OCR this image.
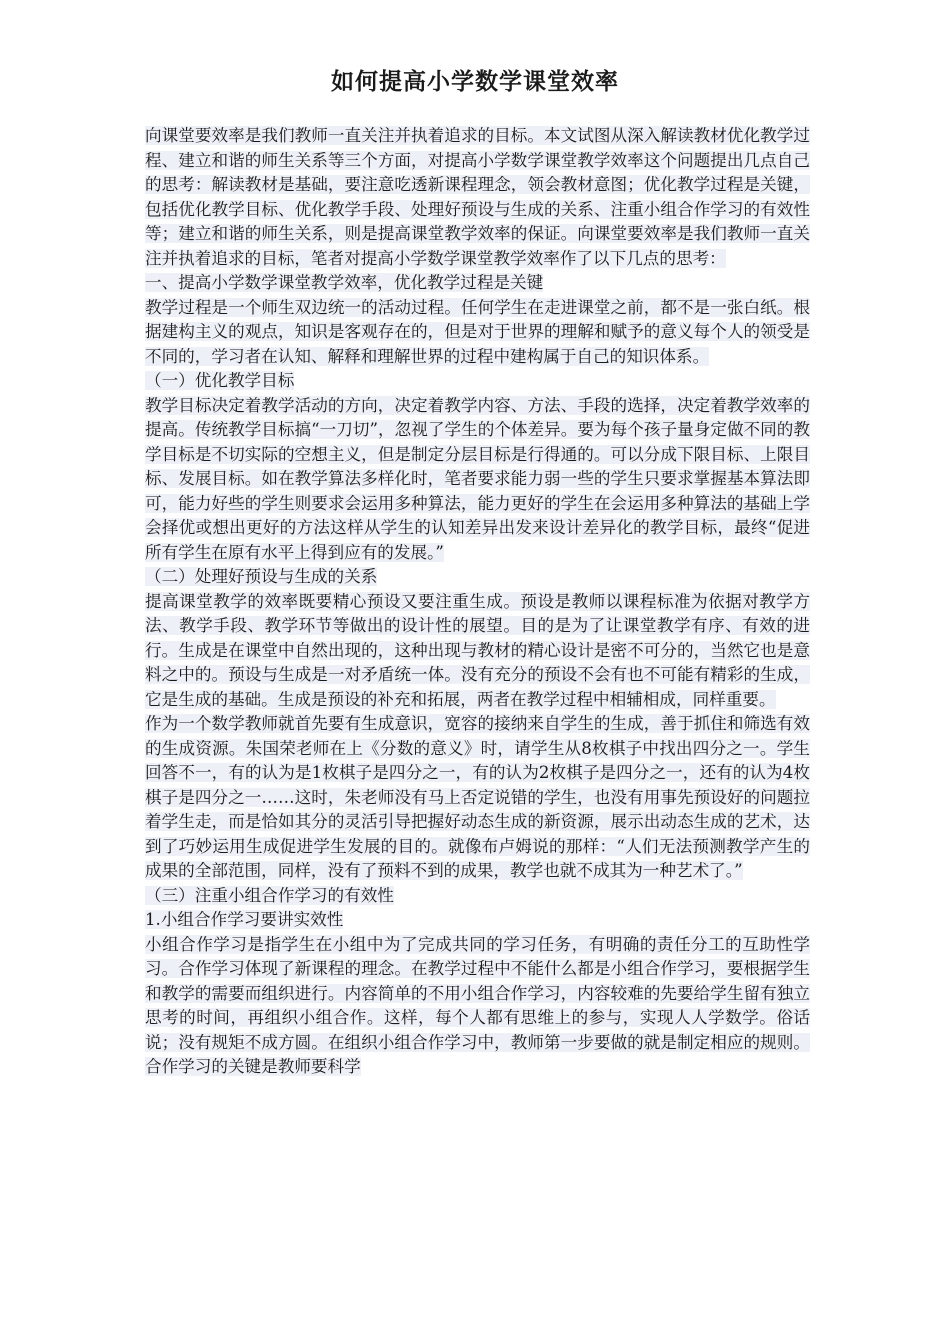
如何提高小学数学课堂效率

向课堂要效率是我们教师一直关注并执着追求的目标。本文试图从深入解读教材优化教学过程、建立和谐的师生关系等三个方面，对提高小学数学课堂教学效率这个问题提出几点自己的思考：解读教材是基础，要注意吃透新课程理念，领会教材意图；优化教学过程是关键，包括优化教学目标、优化教学手段、处理好预设与生成的关系、注重小组合作学习的有效性等；建立和谐的师生关系，则是提高课堂教学效率的保证。向课堂要效率是我们教师一直关注并执着追求的目标，笔者对提高小学数学课堂教学效率作了以下几点的思考：

一、提高小学数学课堂教学效率，优化教学过程是关键

教学过程是一个师生双边统一的活动过程。任何学生在走进课堂之前，都不是一张白纸。根据建构主义的观点，知识是客观存在的，但是对于世界的理解和赋予的意义每个人的领受是不同的，学习者在认知、解释和理解世界的过程中建构属于自己的知识体系。

（一）优化教学目标

教学目标决定着教学活动的方向，决定着教学内容、方法、手段的选择，决定着教学效率的提高。传统教学目标搞“一刀切”，忽视了学生的个体差异。要为每个孩子量身定做不同的教学目标是不切实际的空想主义，但是制定分层目标是行得通的。可以分成下限目标、上限目标、发展目标。如在教学算法多样化时，笔者要求能力弱一些的学生只要求掌握基本算法即可，能力好些的学生则要求会运用多种算法，能力更好的学生在会运用多种算法的基础上学会择优或想出更好的方法这样从学生的认知差异出发来设计差异化的教学目标，最终“促进所有学生在原有水平上得到应有的发展。”

（二）处理好预设与生成的关系

提高课堂教学的效率既要精心预设又要注重生成。预设是教师以课程标准为依据对教学方法、教学手段、教学环节等做出的设计性的展望。目的是为了让课堂教学有序、有效的进行。生成是在课堂中自然出现的，这种出现与教材的精心设计是密不可分的，当然它也是意料之中的。预设与生成是一对矛盾统一体。没有充分的预设不会有也不可能有精彩的生成，它是生成的基础。生成是预设的补充和拓展，两者在教学过程中相辅相成，同样重要。

作为一个数学教师就首先要有生成意识，宽容的接纳来自学生的生成，善于抓住和筛选有效的生成资源。朱国荣老师在上《分数的意义》时，请学生从8枚棋子中找出四分之一。学生回答不一，有的认为是1枚棋子是四分之一，有的认为2枚棋子是四分之一，还有的认为4枚棋子是四分之一……这时，朱老师没有马上否定说错的学生，也没有用事先预设好的问题拉着学生走，而是恰如其分的灵活引导把握好动态生成的新资源，展示出动态生成的艺术，达到了巧妙运用生成促进学生发展的目的。就像布卢姆说的那样：“人们无法预测教学产生的成果的全部范围，同样，没有了预料不到的成果，教学也就不成其为一种艺术了。”

（三）注重小组合作学习的有效性

1.小组合作学习要讲实效性

小组合作学习是指学生在小组中为了完成共同的学习任务，有明确的责任分工的互助性学习。合作学习体现了新课程的理念。在教学过程中不能什么都是小组合作学习，要根据学生和教学的需要而组织进行。内容简单的不用小组合作学习，内容较难的先要给学生留有独立思考的时间，再组织小组合作。这样，每个人都有思维上的参与，实现人人学数学。俗话说；没有规矩不成方圆。在组织小组合作学习中，教师第一步要做的就是制定相应的规则。合作学习的关键是教师要科学
